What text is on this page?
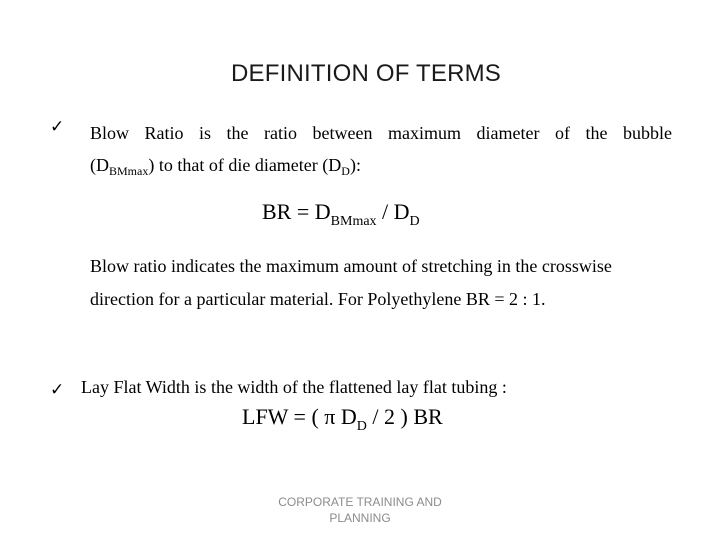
DEFINITION OF TERMS
✓ Blow Ratio is the ratio between maximum diameter of the bubble
$(D_{BMmax})$ to that of die diameter $(D_D)$:
BR = $D_{BMmax} / D_D$
Blow ratio indicates the maximum amount of stretching in the crosswise direction for a particular material. For Polyethylene BR = 2 : 1.
✓ Lay Flat Width is the width of the flattened lay flat tubing :
LFW = ( π $D_D / 2$ ) BR
CORPORATE TRAINING AND
PLANNING
